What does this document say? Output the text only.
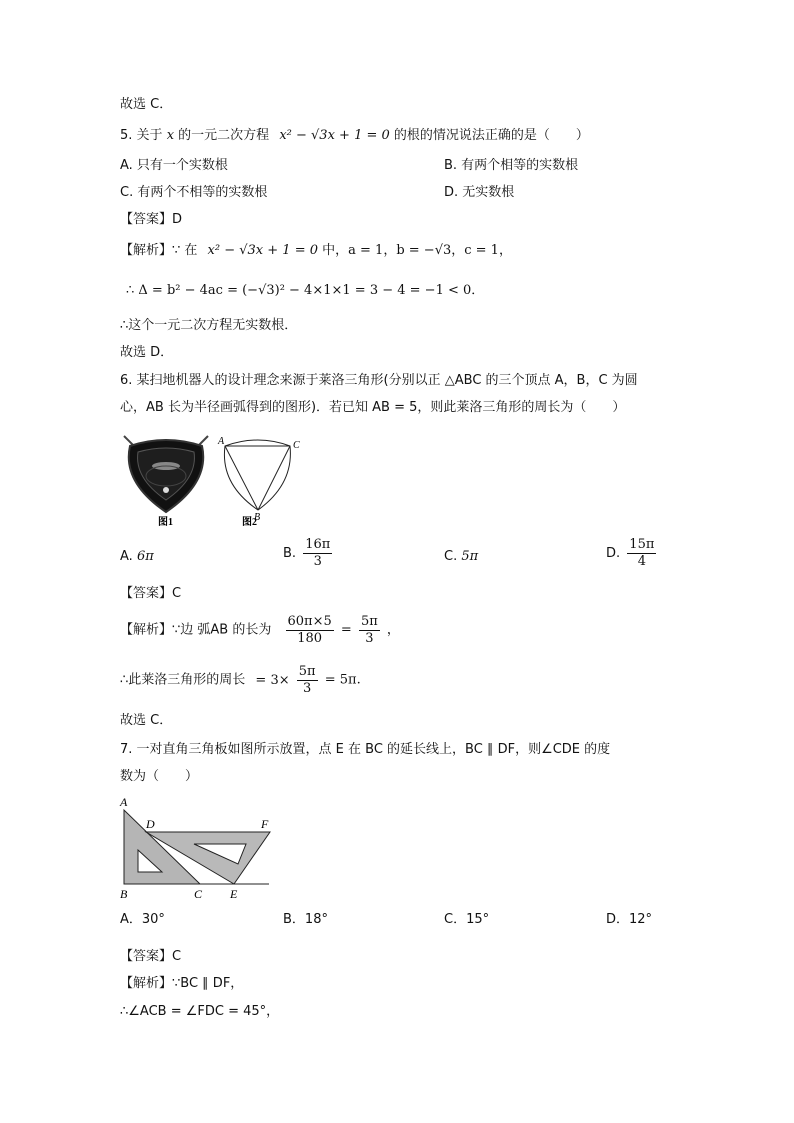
故选 C．
5. 关于 x 的一元二次方程 x² − √3x + 1 = 0 的根的情况说法正确的是（　　）
A. 只有一个实数根	B. 有两个相等的实数根
C. 有两个不相等的实数根	D. 无实数根
【答案】D
【解析】∵ 在 x² − √3x + 1 = 0 中，a = 1，b = −√3，c = 1，
∴ Δ = b² − 4ac = (−√3)² − 4×1×1 = 3 − 4 = −1 < 0．
∴这个一元二次方程无实数根．
故选 D．
6. 某扫地机器人的设计理念来源于莱洛三角形(分别以正 △ABC 的三个顶点 A，B，C 为圆
心，AB 长为半径画弧得到的图形)．若已知 AB = 5，则此莱洛三角形的周长为（　　）
图1
A	C
B
图2
A. 6π	B. $\frac{16\pi}{3}$	C. 5π	D. $\frac{15\pi}{4}$
【答案】C
【解析】∵边 弧AB 的长为 $\frac{60\pi\times 5}{180} = \frac{5\pi}{3}$ ，
∴此莱洛三角形的周长 = $3\times \frac{5\pi}{3} = 5\pi$.
故选 C．
7. 一对直角三角板如图所示放置，点 E 在 BC 的延长线上，BC ∥ DF，则∠CDE 的度
数为（　　）
A
D	F
B	C E
A．30°	B．18°	C．15°	D．12°
【答案】C
【解析】∵BC ∥ DF，
∴∠ACB = ∠FDC = 45°，
